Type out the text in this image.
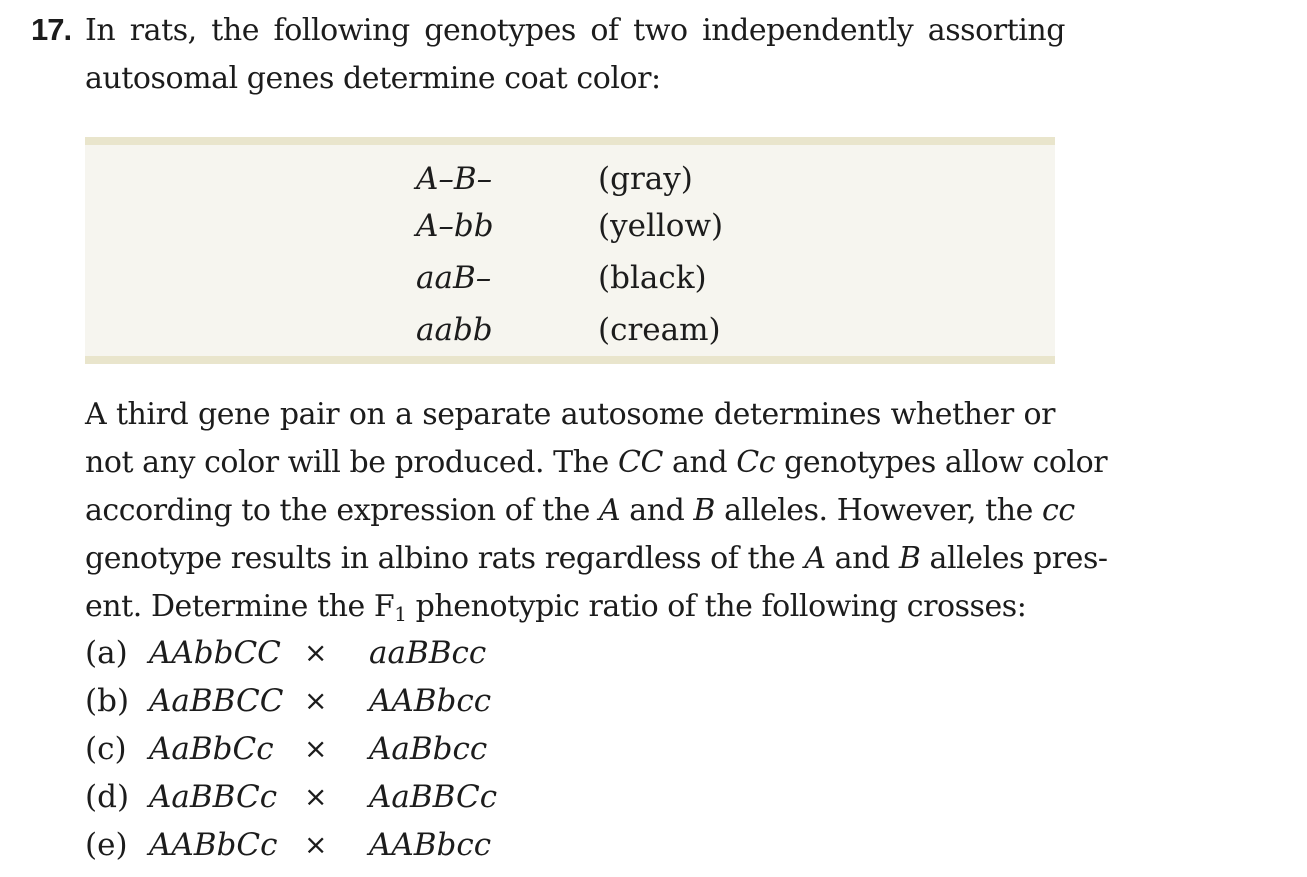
17. In rats, the following genotypes of two independently assorting autosomal genes determine coat color:
A–B–	(gray)
A–bb	(yellow)
aaB–	(black)
aabb	(cream)
A third gene pair on a separate autosome determines whether or
not any color will be produced. The CC and Cc genotypes allow color
according to the expression of the A and B alleles. However, the cc
genotype results in albino rats regardless of the A and B alleles pres-
ent. Determine the F1 phenotypic ratio of the following crosses:
(a) AAbbCC × aaBBcc
(b) AaBBCC × AABbcc
(c) AaBbCc × AaBbcc
(d) AaBBCc × AaBBCc
(e) AABbCc × AABbcc
